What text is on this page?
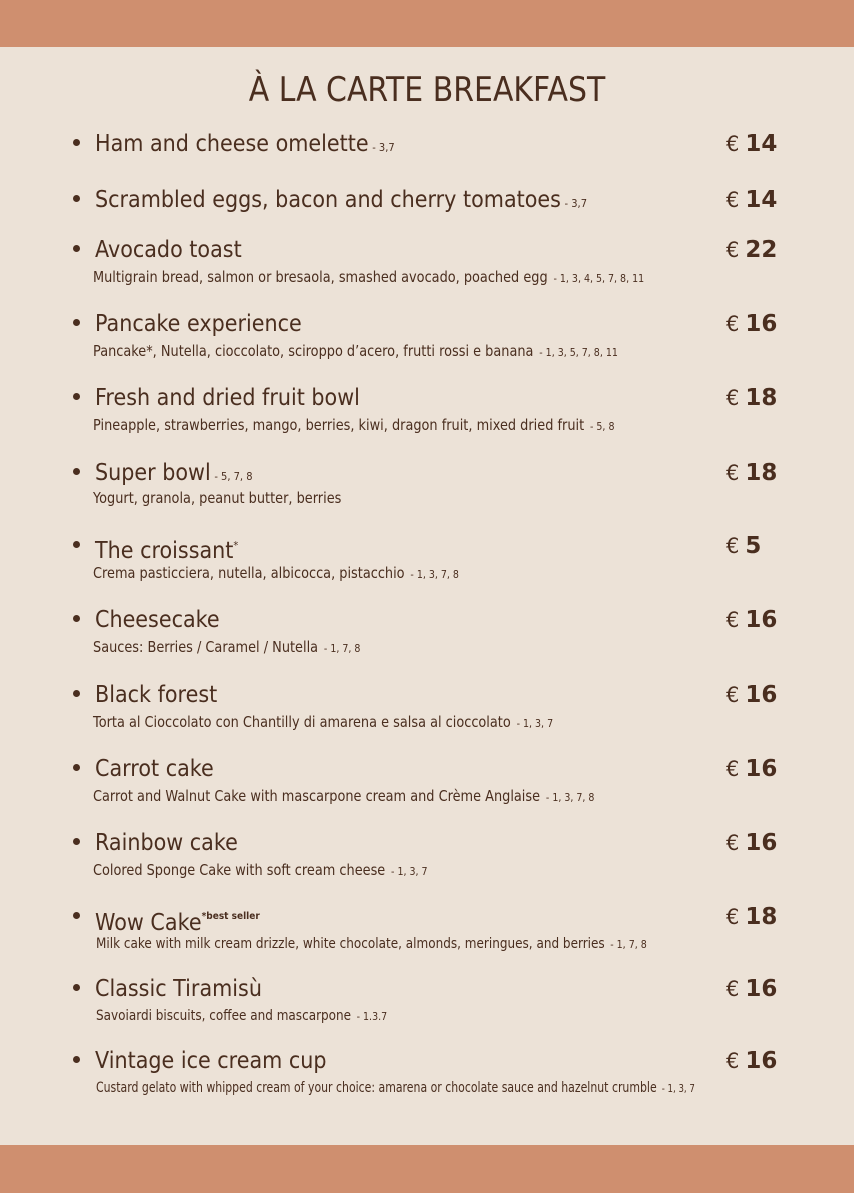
À LA CARTE BREAKFAST
Ham and cheese omelette - 3,7	€ 14
Scrambled eggs, bacon and cherry tomatoes - 3,7	€ 14
Avocado toast	€ 22
Multigrain bread, salmon or bresaola, smashed avocado, poached egg - 1, 3, 4, 5, 7, 8, 11
Pancake experience	€ 16
Pancake*, Nutella, cioccolato, sciroppo d’acero, frutti rossi e banana - 1, 3, 5, 7, 8, 11
Fresh and dried fruit bowl	€ 18
Pineapple, strawberries, mango, berries, kiwi, dragon fruit, mixed dried fruit - 5, 8
Super bowl - 5, 7, 8	€ 18
Yogurt, granola, peanut butter, berries
The croissant*	€ 5
Crema pasticciera, nutella, albicocca, pistacchio - 1, 3, 7, 8
Cheesecake	€ 16
Sauces: Berries / Caramel / Nutella - 1, 7, 8
Black forest	€ 16
Torta al Cioccolato con Chantilly di amarena e salsa al cioccolato - 1, 3, 7
Carrot cake	€ 16
Carrot and Walnut Cake with mascarpone cream and Crème Anglaise - 1, 3, 7, 8
Rainbow cake	€ 16
Colored Sponge Cake with soft cream cheese - 1, 3, 7
Wow Cake$^{*best seller}$	€ 18
Milk cake with milk cream drizzle, white chocolate, almonds, meringues, and berries - 1, 7, 8
Classic Tiramisù	€ 16
Savoiardi biscuits, coffee and mascarpone - 1.3.7
Vintage ice cream cup	€ 16
Custard gelato with whipped cream of your choice: amarena or chocolate sauce and hazelnut crumble - 1, 3, 7
